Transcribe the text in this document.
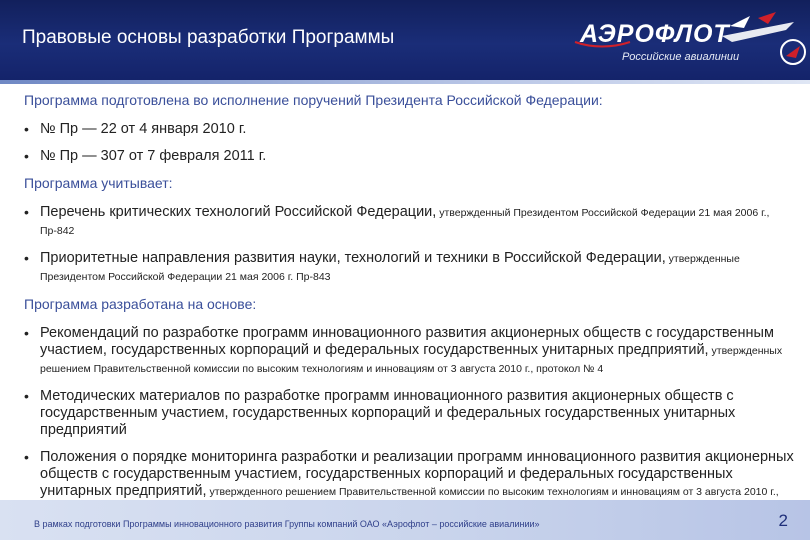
Правовые основы разработки Программы	АЭРОФЛОТ
Российские авиалинии
Программа подготовлена во исполнение поручений Президента Российской Федерации:
• № Пр — 22 от 4 января 2010 г.
• № Пр — 307 от 7 февраля 2011 г.
Программа учитывает:
• Перечень критических технологий Российской Федерации, утвержденный Президентом Российской Федерации 21 мая 2006 г., Пр-842
• Приоритетные направления развития науки, технологий и техники в Российской Федерации, утвержденные Президентом Российской Федерации 21 мая 2006 г. Пр-843
Программа разработана на основе:
• Рекомендаций по разработке программ инновационного развития акционерных обществ с государственным участием, государственных корпораций и федеральных государственных унитарных предприятий, утвержденных решением Правительственной комиссии по высоким технологиям и инновациям от 3 августа 2010 г., протокол № 4
• Методических материалов по разработке программ инновационного развития акционерных обществ с государственным участием, государственных корпораций и федеральных государственных унитарных предприятий
• Положения о порядке мониторинга разработки и реализации программ инновационного развития акционерных обществ с государственным участием, государственных корпораций и федеральных государственных унитарных предприятий, утвержденного решением Правительственной комиссии по высоким технологиям и инновациям от 3 августа 2010 г.,
В рамках подготовки Программы инновационного развития Группы компаний ОАО «Аэрофлот – российские авиалинии»	2
